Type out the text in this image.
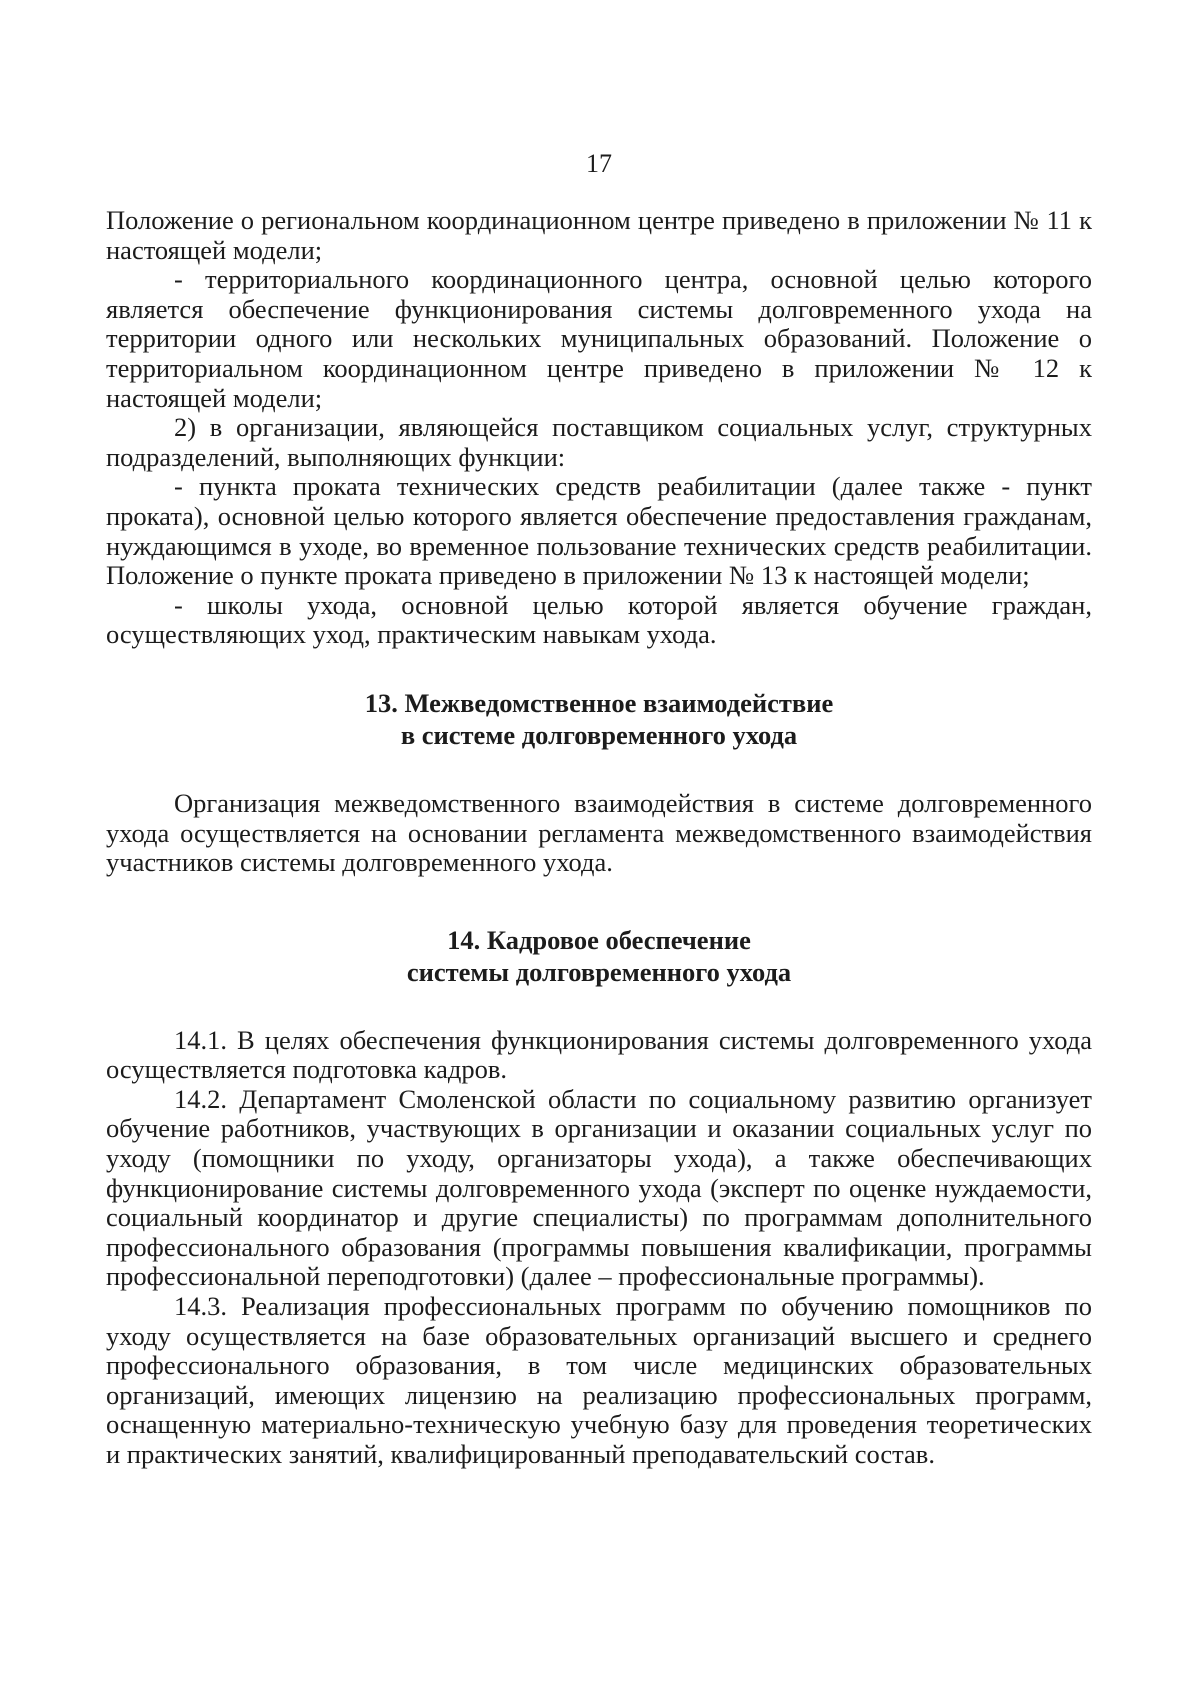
17

Положение о региональном координационном центре приведено в приложении № 11 к настоящей модели;

- территориального координационного центра, основной целью которого является обеспечение функционирования системы долговременного ухода на территории одного или нескольких муниципальных образований. Положение о территориальном координационном центре приведено в приложении № 12 к настоящей модели;

2) в организации, являющейся поставщиком социальных услуг, структурных подразделений, выполняющих функции:

- пункта проката технических средств реабилитации (далее также - пункт проката), основной целью которого является обеспечение предоставления гражданам, нуждающимся в уходе, во временное пользование технических средств реабилитации. Положение о пункте проката приведено в приложении № 13 к настоящей модели;

- школы ухода, основной целью которой является обучение граждан, осуществляющих уход, практическим навыкам ухода.

13. Межведомственное взаимодействие
в системе долговременного ухода

Организация межведомственного взаимодействия в системе долговременного ухода осуществляется на основании регламента межведомственного взаимодействия участников системы долговременного ухода.

14. Кадровое обеспечение
системы долговременного ухода

14.1. В целях обеспечения функционирования системы долговременного ухода осуществляется подготовка кадров.

14.2. Департамент Смоленской области по социальному развитию организует обучение работников, участвующих в организации и оказании социальных услуг по уходу (помощники по уходу, организаторы ухода), а также обеспечивающих функционирование системы долговременного ухода (эксперт по оценке нуждаемости, социальный координатор и другие специалисты) по программам дополнительного профессионального образования (программы повышения квалификации, программы профессиональной переподготовки) (далее – профессиональные программы).

14.3. Реализация профессиональных программ по обучению помощников по уходу осуществляется на базе образовательных организаций высшего и среднего профессионального образования, в том числе медицинских образовательных организаций, имеющих лицензию на реализацию профессиональных программ, оснащенную материально-техническую учебную базу для проведения теоретических и практических занятий, квалифицированный преподавательский состав.
